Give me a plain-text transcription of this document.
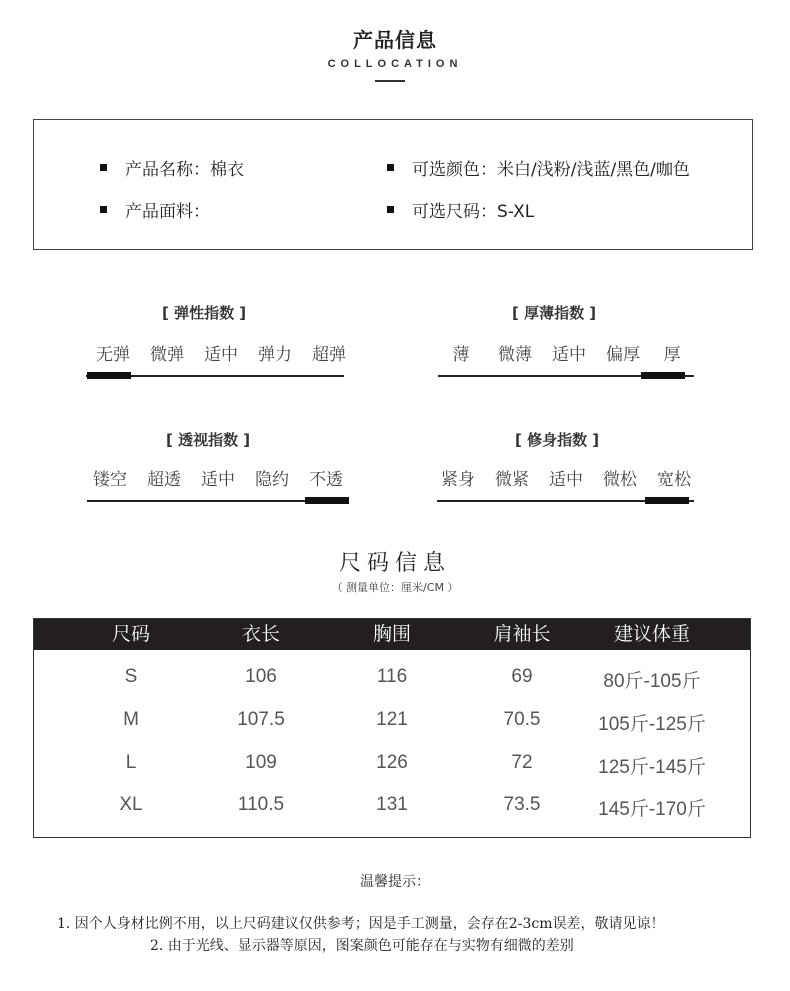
产品信息
COLLOCATION
产品名称：棉衣
产品面料：
可选颜色：米白/浅粉/浅蓝/黑色/咖色
可选尺码：S-XL
[ 弹性指数 ]
无弹	微弹	适中	弹力	超弹
[ 厚薄指数 ]
薄	微薄	适中	偏厚	厚
[ 透视指数 ]
镂空	超透	适中	隐约	不透
[ 修身指数 ]
紧身	微紧	适中	微松	宽松
尺码信息
（ 测量单位：厘米/CM ）
尺码	衣长	胸围	肩袖长	建议体重
S	106	116	69	80斤-105斤
M	107.5	121	70.5	105斤-125斤
L	109	126	72	125斤-145斤
XL	110.5	131	73.5	145斤-170斤
温馨提示：
1. 因个人身材比例不用，以上尺码建议仅供参考；因是手工测量，会存在2-3cm误差，敬请见谅！
2. 由于光线、显示器等原因，图案颜色可能存在与实物有细微的差别
